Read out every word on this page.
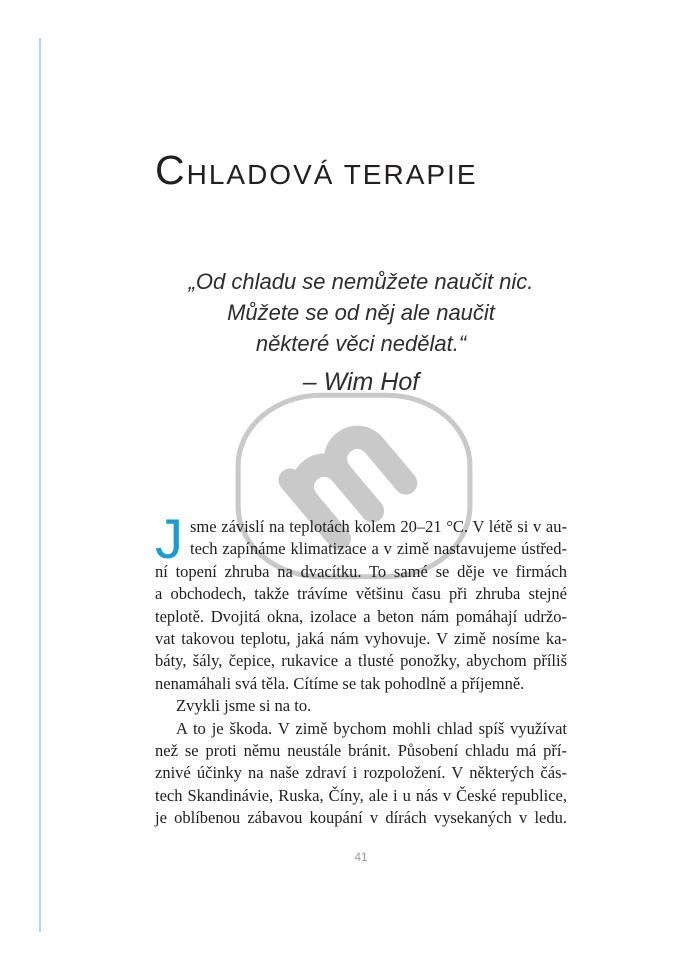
CHLADOVÁ TERAPIE
„Od chladu se nemůžete naučit nic.
Můžete se od něj ale naučit
některé věci nedělat.“
– Wim Hof
J sme závislí na teplotách kolem 20–21 °C. V létě si v au-
tech zapínáme klimatizace a v zimě nastavujeme ústřed-
ní topení zhruba na dvacítku. To samé se děje ve firmách
a obchodech, takže trávíme většinu času při zhruba stejné
teplotě. Dvojitá okna, izolace a beton nám pomáhají udržo-
vat takovou teplotu, jaká nám vyhovuje. V zimě nosíme ka-
báty, šály, čepice, rukavice a tlusté ponožky, abychom příliš
nenamáhali svá těla. Cítíme se tak pohodlně a příjemně.
Zvykli jsme si na to.
A to je škoda. V zimě bychom mohli chlad spíš využívat
než se proti němu neustále bránit. Působení chladu má pří-
znivé účinky na naše zdraví i rozpoložení. V některých čás-
tech Skandinávie, Ruska, Číny, ale i u nás v České republice,
je oblíbenou zábavou koupání v dírách vysekaných v ledu.
41
